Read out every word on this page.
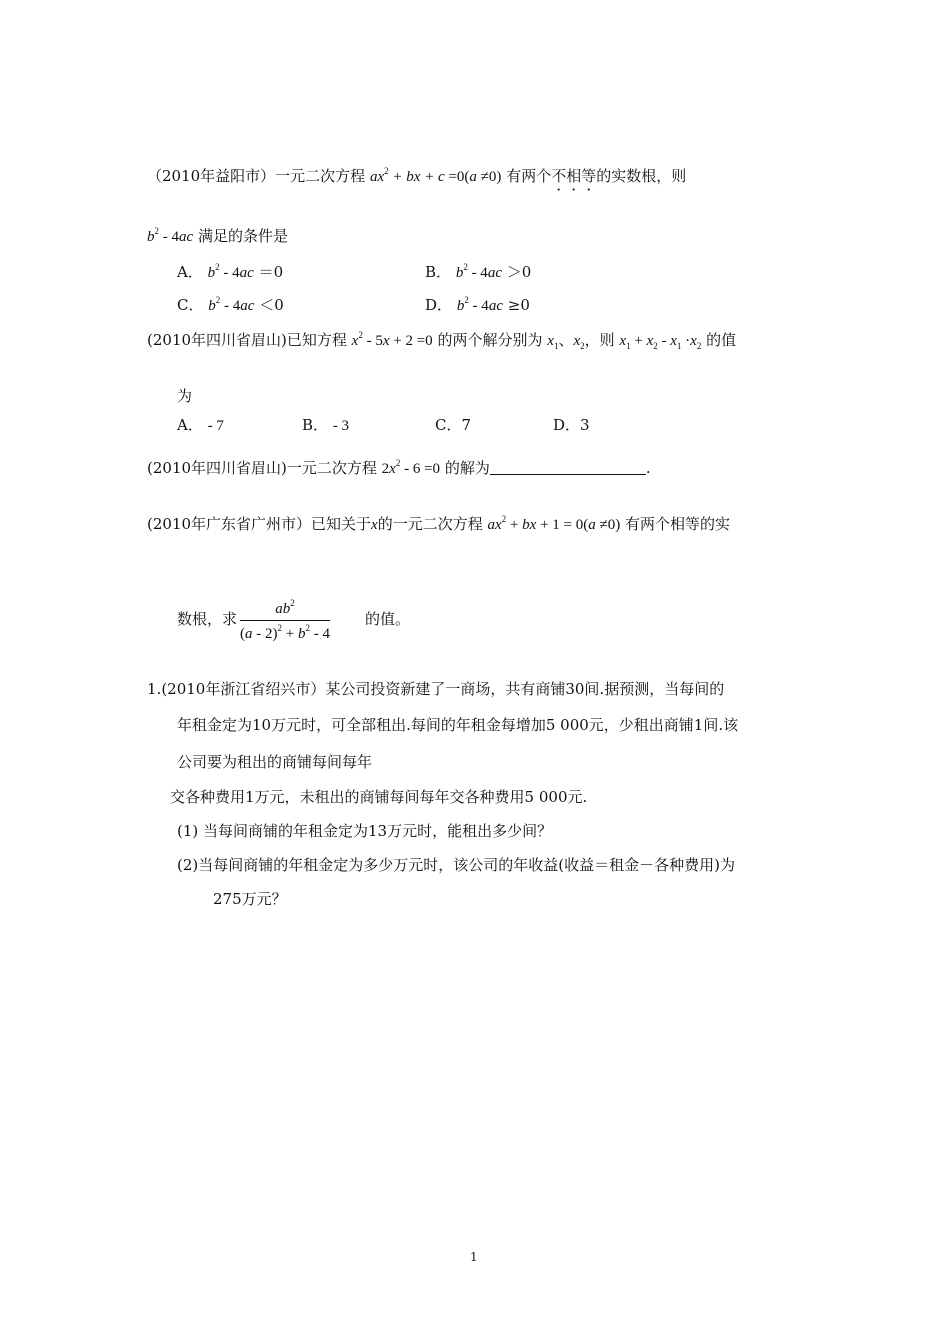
（2010年益阳市）一元二次方程 $ax^2$ + bx + c =0(a ≠0) 有两个不相等的实数根，则
$b^2 - 4ac$ 满足的条件是
A． $b^2 - 4ac =0$	B． $b^2 - 4ac >0$
C． $b^2 - 4ac <0$	D． $b^2 - 4ac \ge 0$
(2010年四川省眉山)已知方程 $x^2 - 5x + 2 =0$ 的两个解分别为 $x_1$、$x_2$，则 $x_1 + x_2 - x_1 \cdot x_2$ 的值
为
A． - 7	B． - 3	C．7	D．3
(2010年四川省眉山)一元二次方程 $2x^2 - 6 =0$ 的解为	.
(2010年广东省广州市）已知关于x的一元二次方程 $ax^2$ + bx + 1 = 0(a ≠0) 有两个相等的实
数根，求 $\frac{ab^2}{(a - 2)^2 + b^2 - 4}$ 的值。
1.(2010年浙江省绍兴市）某公司投资新建了一商场，共有商铺30间.据预测，当每间的
年租金定为10万元时，可全部租出.每间的年租金每增加5 000元，少租出商铺1间.该
公司要为租出的商铺每间每年
交各种费用1万元，未租出的商铺每间每年交各种费用5 000元.
(1) 当每间商铺的年租金定为13万元时，能租出多少间？
(2)当每间商铺的年租金定为多少万元时，该公司的年收益(收益＝租金－各种费用)为
275万元？
1
